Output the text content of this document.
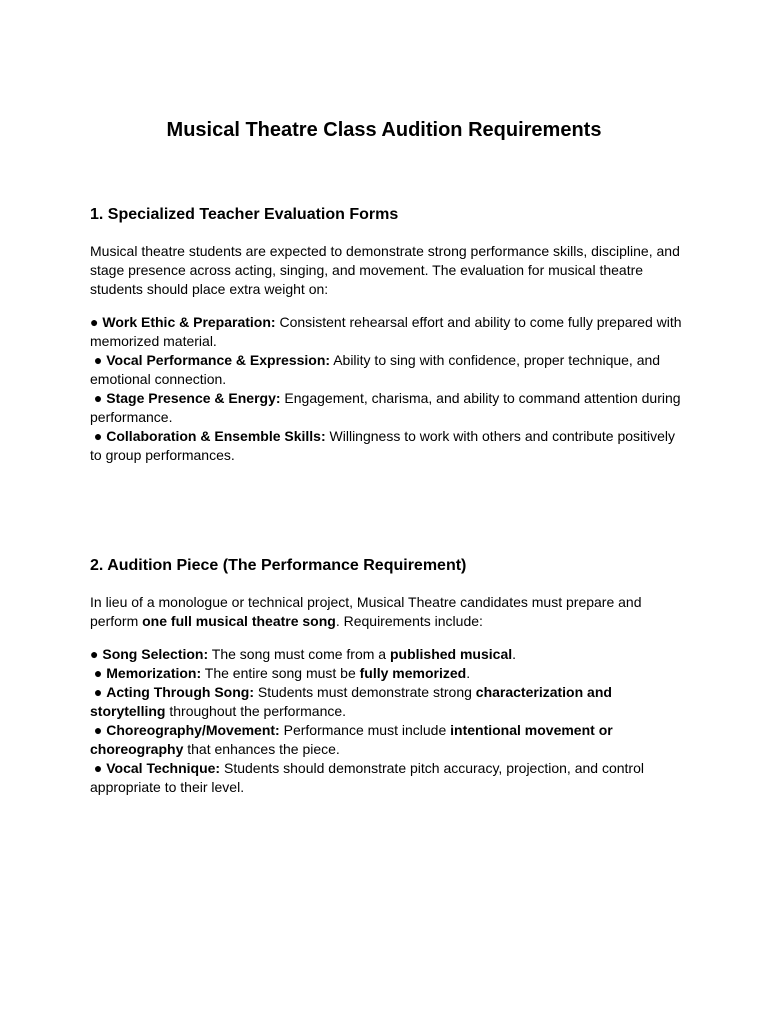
Musical Theatre Class Audition Requirements
1. Specialized Teacher Evaluation Forms

Musical theatre students are expected to demonstrate strong performance skills, discipline, and stage presence across acting, singing, and movement. The evaluation for musical theatre students should place extra weight on:

● Work Ethic & Preparation: Consistent rehearsal effort and ability to come fully prepared with memorized material.
● Vocal Performance & Expression: Ability to sing with confidence, proper technique, and emotional connection.
● Stage Presence & Energy: Engagement, charisma, and ability to command attention during performance.
● Collaboration & Ensemble Skills: Willingness to work with others and contribute positively to group performances.
2. Audition Piece (The Performance Requirement)

In lieu of a monologue or technical project, Musical Theatre candidates must prepare and perform one full musical theatre song. Requirements include:

● Song Selection: The song must come from a published musical.
● Memorization: The entire song must be fully memorized.
● Acting Through Song: Students must demonstrate strong characterization and storytelling throughout the performance.
● Choreography/Movement: Performance must include intentional movement or choreography that enhances the piece.
● Vocal Technique: Students should demonstrate pitch accuracy, projection, and control appropriate to their level.
